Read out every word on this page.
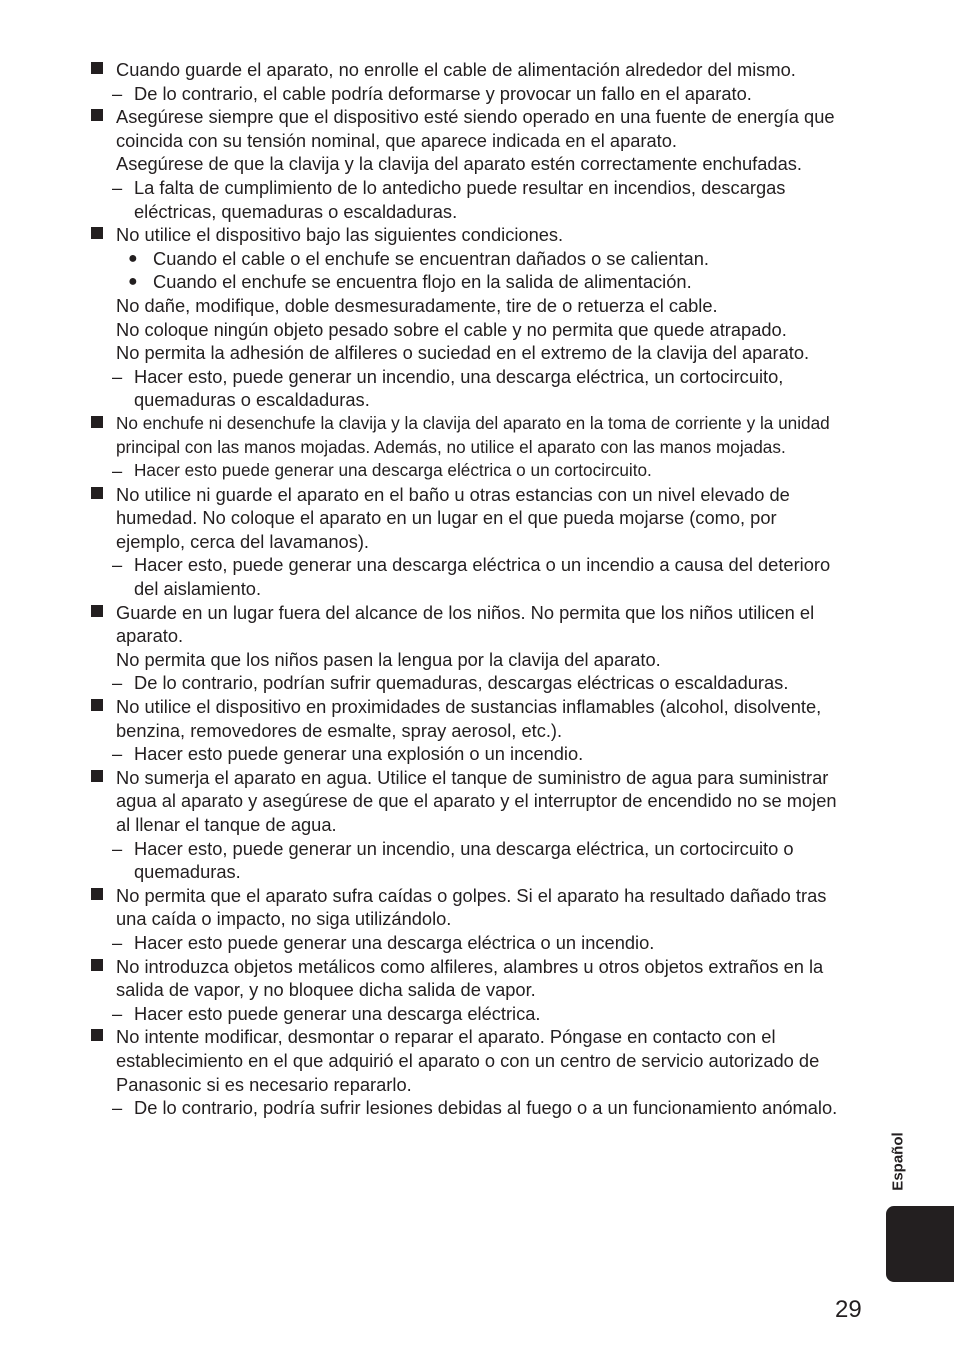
Cuando guarde el aparato, no enrolle el cable de alimentación alrededor del mismo.
– De lo contrario, el cable podría deformarse y provocar un fallo en el aparato.
Asegúrese siempre que el dispositivo esté siendo operado en una fuente de energía que
coincida con su tensión nominal, que aparece indicada en el aparato.
Asegúrese de que la clavija y la clavija del aparato estén correctamente enchufadas.
– La falta de cumplimiento de lo antedicho puede resultar en incendios, descargas
eléctricas, quemaduras o escaldaduras.
No utilice el dispositivo bajo las siguientes condiciones.
● Cuando el cable o el enchufe se encuentran dañados o se calientan.
● Cuando el enchufe se encuentra flojo en la salida de alimentación.
No dañe, modifique, doble desmesuradamente, tire de o retuerza el cable.
No coloque ningún objeto pesado sobre el cable y no permita que quede atrapado.
No permita la adhesión de alfileres o suciedad en el extremo de la clavija del aparato.
– Hacer esto, puede generar un incendio, una descarga eléctrica, un cortocircuito,
quemaduras o escaldaduras.
No enchufe ni desenchufe la clavija y la clavija del aparato en la toma de corriente y la unidad
principal con las manos mojadas. Además, no utilice el aparato con las manos mojadas.
– Hacer esto puede generar una descarga eléctrica o un cortocircuito.
No utilice ni guarde el aparato en el baño u otras estancias con un nivel elevado de
humedad. No coloque el aparato en un lugar en el que pueda mojarse (como, por
ejemplo, cerca del lavamanos).
– Hacer esto, puede generar una descarga eléctrica o un incendio a causa del deterioro
del aislamiento.
Guarde en un lugar fuera del alcance de los niños. No permita que los niños utilicen el
aparato.
No permita que los niños pasen la lengua por la clavija del aparato.
– De lo contrario, podrían sufrir quemaduras, descargas eléctricas o escaldaduras.
No utilice el dispositivo en proximidades de sustancias inflamables (alcohol, disolvente,
benzina, removedores de esmalte, spray aerosol, etc.).
– Hacer esto puede generar una explosión o un incendio.
No sumerja el aparato en agua. Utilice el tanque de suministro de agua para suministrar
agua al aparato y asegúrese de que el aparato y el interruptor de encendido no se mojen
al llenar el tanque de agua.
– Hacer esto, puede generar un incendio, una descarga eléctrica, un cortocircuito o
quemaduras.
No permita que el aparato sufra caídas o golpes. Si el aparato ha resultado dañado tras
una caída o impacto, no siga utilizándolo.
– Hacer esto puede generar una descarga eléctrica o un incendio.
No introduzca objetos metálicos como alfileres, alambres u otros objetos extraños en la
salida de vapor, y no bloquee dicha salida de vapor.
– Hacer esto puede generar una descarga eléctrica.
No intente modificar, desmontar o reparar el aparato. Póngase en contacto con el
establecimiento en el que adquirió el aparato o con un centro de servicio autorizado de
Panasonic si es necesario repararlo.
– De lo contrario, podría sufrir lesiones debidas al fuego o a un funcionamiento anómalo.
Español
29
